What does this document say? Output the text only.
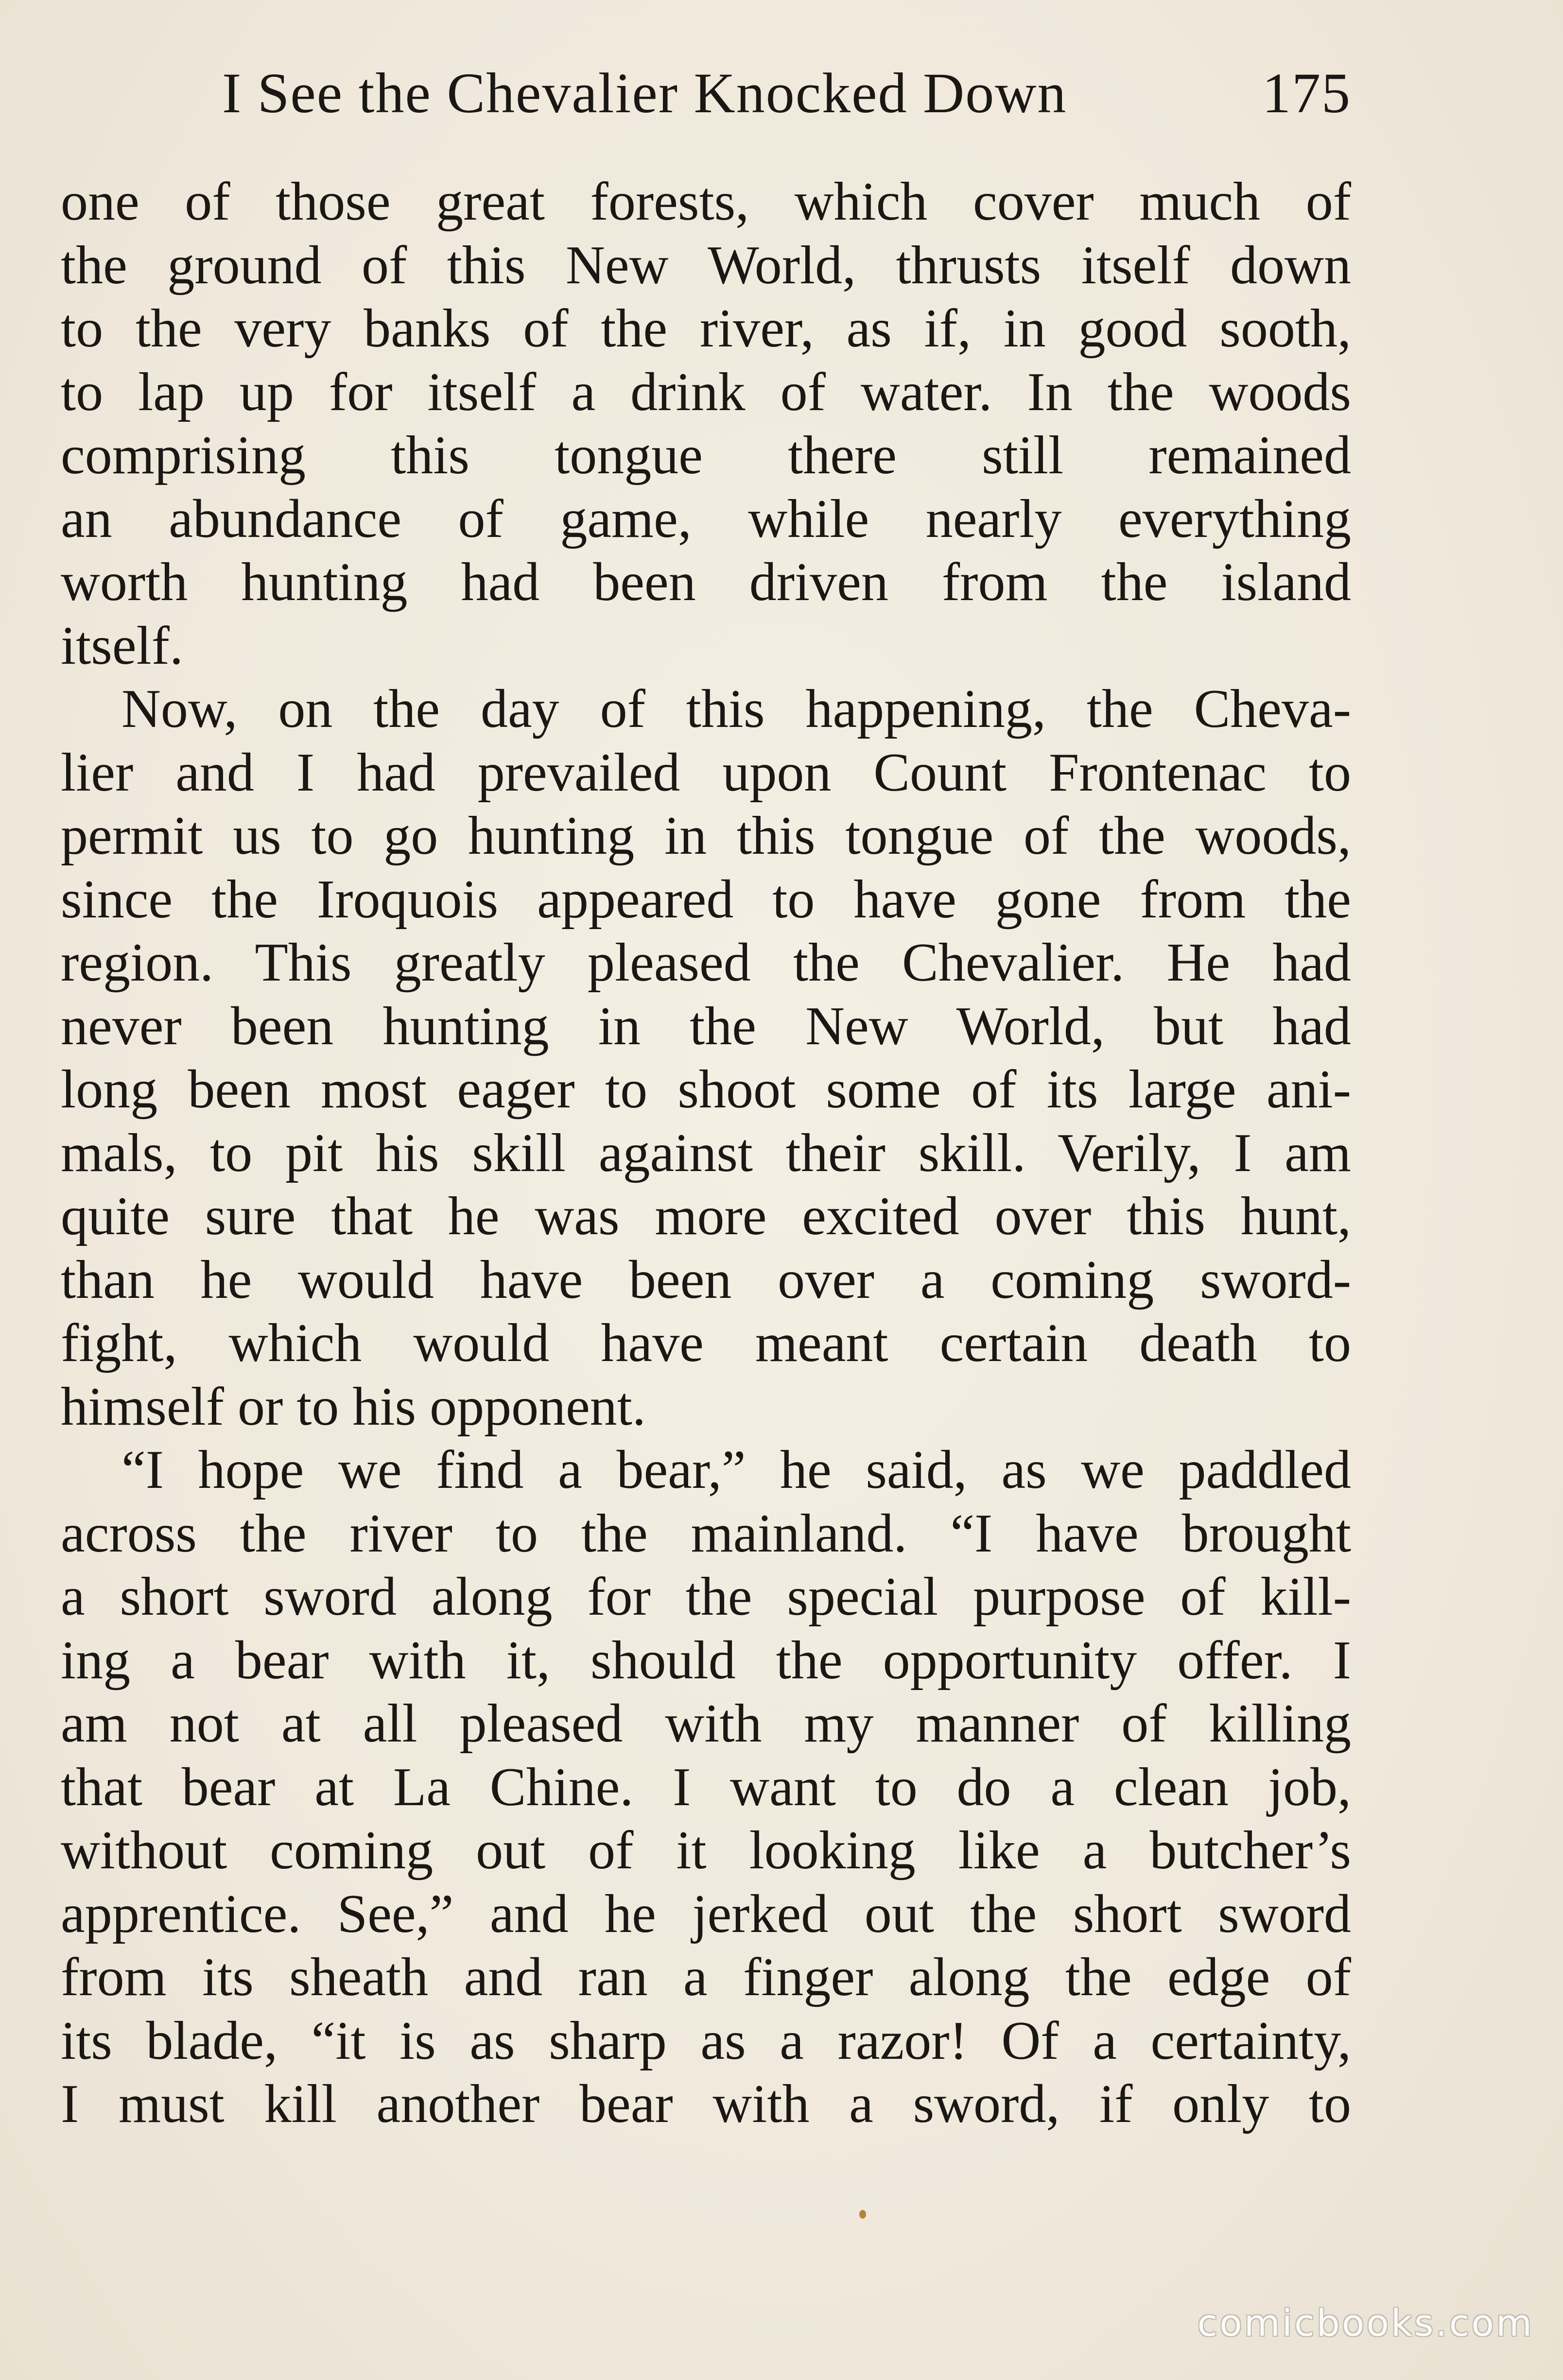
I See the Chevalier Knocked Down	175
one of those great forests, which cover much of
the ground of this New World, thrusts itself down
to the very banks of the river, as if, in good sooth,
to lap up for itself a drink of water. In the woods
comprising this tongue there still remained
an abundance of game, while nearly everything
worth hunting had been driven from the island
itself.
Now, on the day of this happening, the Cheva-
lier and I had prevailed upon Count Frontenac to
permit us to go hunting in this tongue of the woods,
since the Iroquois appeared to have gone from the
region. This greatly pleased the Chevalier. He had
never been hunting in the New World, but had
long been most eager to shoot some of its large ani-
mals, to pit his skill against their skill. Verily, I am
quite sure that he was more excited over this hunt,
than he would have been over a coming sword-
fight, which would have meant certain death to
himself or to his opponent.
“I hope we find a bear,” he said, as we paddled
across the river to the mainland. “I have brought
a short sword along for the special purpose of kill-
ing a bear with it, should the opportunity offer. I
am not at all pleased with my manner of killing
that bear at La Chine. I want to do a clean job,
without coming out of it looking like a butcher’s
apprentice. See,” and he jerked out the short sword
from its sheath and ran a finger along the edge of
its blade, “it is as sharp as a razor! Of a certainty,
I must kill another bear with a sword, if only to
comicbooks.com
